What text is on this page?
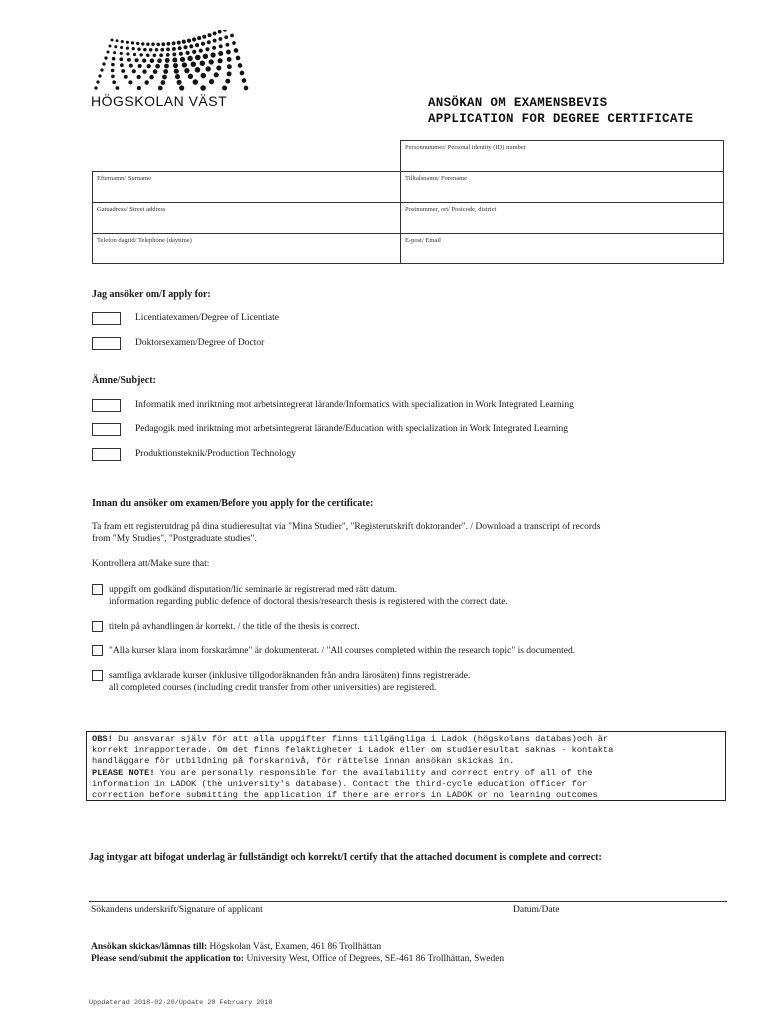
HÖGSKOLAN VÄST	ANSÖKAN OM EXAMENSBEVIS
APPLICATION FOR DEGREE CERTIFICATE
Personnummer/ Personal identity (ID) number
Efternamn/ Surname	Tilltalsnamn/ Forename
Gatuadress/ Street address	Postnummer, ort/ Postcode, district
Telefon dagtid/ Telephone (daytime)	E-post/ Email
Jag ansöker om/I apply for:
Licentiatexamen/Degree of Licentiate
Doktorsexamen/Degree of Doctor
Ämne/Subject:
Informatik med inriktning mot arbetsintegrerat lärande/Informatics with specialization in Work Integrated Learning
Pedagogik med inriktning mot arbetsintegrerat lärande/Education with specialization in Work Integrated Learning
Produktionsteknik/Production Technology
Innan du ansöker om examen/Before you apply for the certificate:
Ta fram ett registerutdrag på dina studieresultat via "Mina Studier", "Registerutskrift doktorander". / Download a transcript of records
from "My Studies", "Postgraduate studies".
Kontrollera att/Make sure that:
uppgift om godkänd disputation/lic seminarie är registrerad med rätt datum.
information regarding public defence of doctoral thesis/research thesis is registered with the correct date.
titeln på avhandlingen är korrekt. / the title of the thesis is correct.
"Alla kurser klara inom forskarämne" är dokumenterat. / "All courses completed within the research topic" is documented.
samtliga avklarade kurser (inklusive tillgodoräknanden från andra lärosäten) finns registrerade.
all completed courses (including credit transfer from other universities) are registered.
OBS! Du ansvarar själv för att alla uppgifter finns tillgängliga i Ladok (högskolans databas)och är
korrekt inrapporterade. Om det finns felaktigheter i Ladok eller om studieresultat saknas - kontakta
handläggare för utbildning på forskarnivå, för rättelse innan ansökan skickas in.
PLEASE NOTE! You are personally responsible for the availability and correct entry of all of the
information in LADOK (the university's database). Contact the third-cycle education officer for
correction before submitting the application if there are errors in LADOK or no learning outcomes
Jag intygar att bifogat underlag är fullständigt och korrekt/I certify that the attached document is complete and correct:
Sökandens underskrift/Signature of applicant	Datum/Date
Ansökan skickas/lämnas till: Högskolan Väst, Examen, 461 86 Trollhättan
Please send/submit the application to: University West, Office of Degrees, SE-461 86 Trollhättan, Sweden
Uppdaterad 2018-02-20/Update 20 February 2018
